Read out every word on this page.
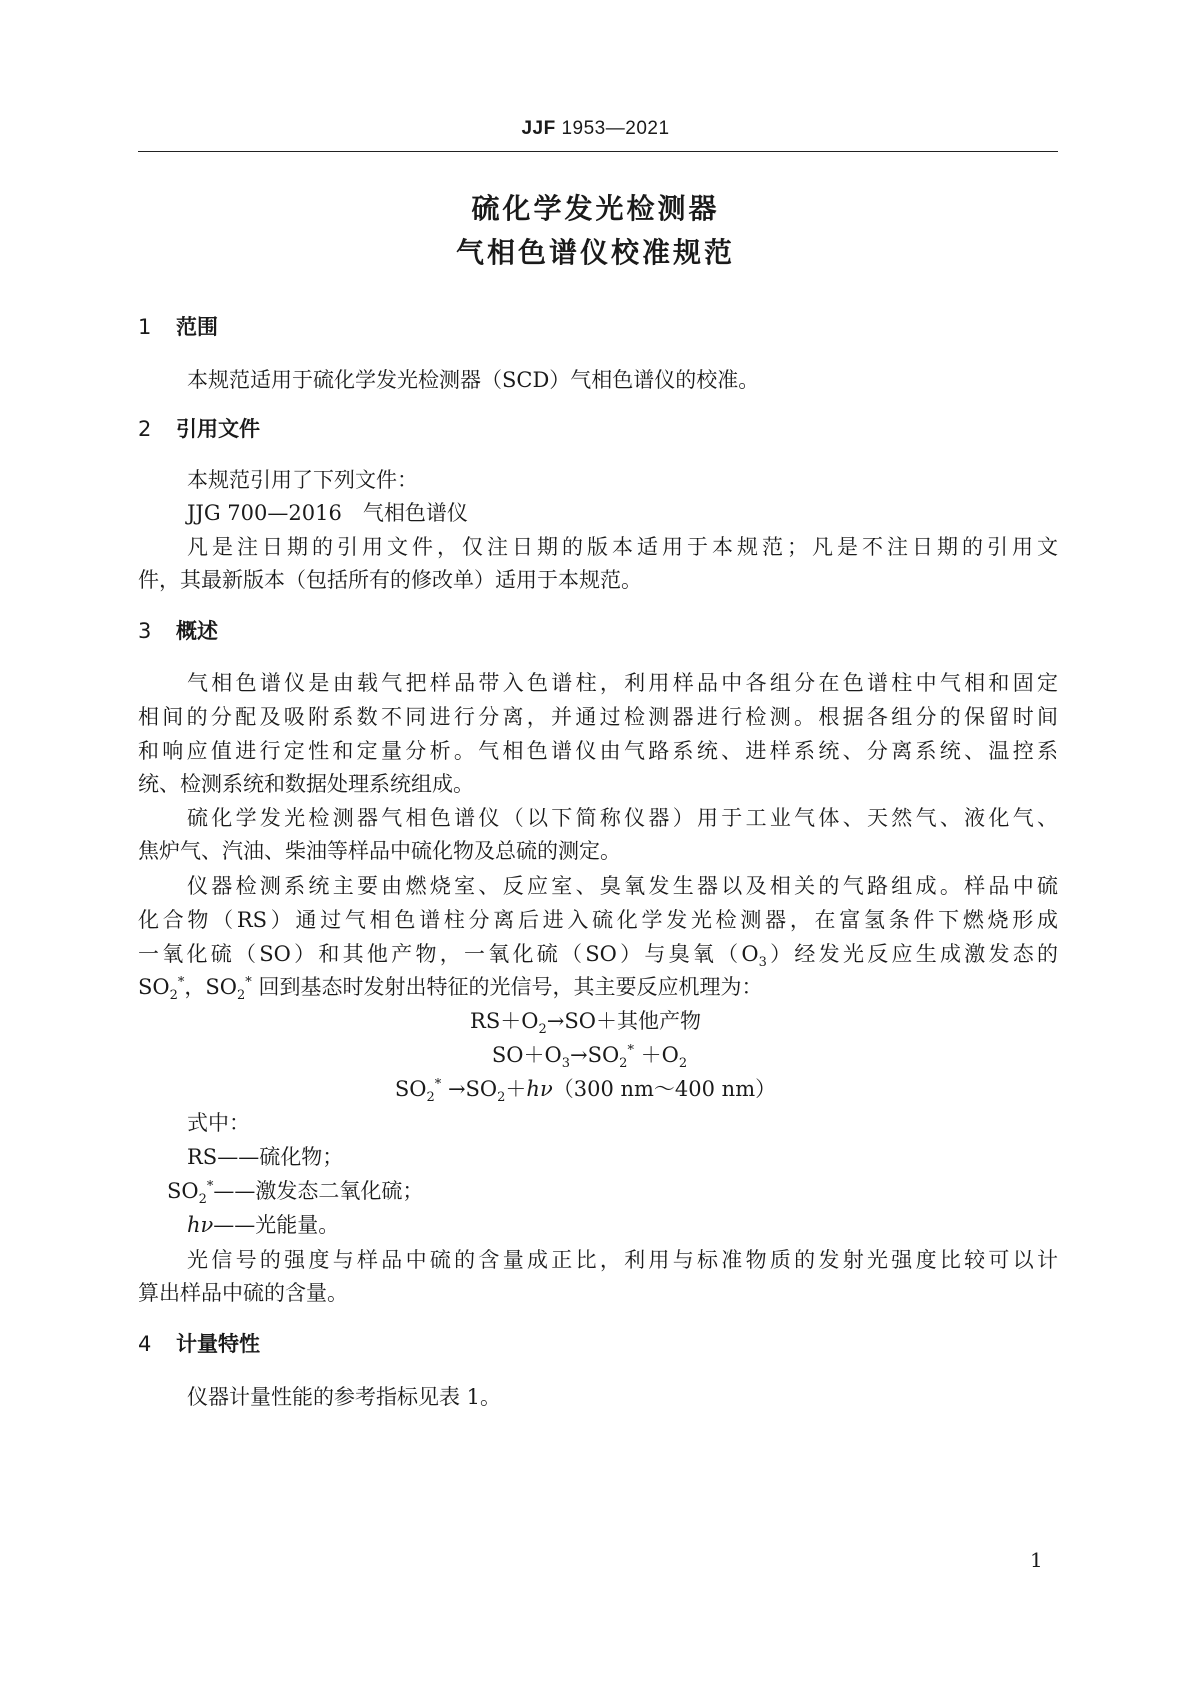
JJF 1953—2021
硫化学发光检测器
气相色谱仪校准规范
1 范围
本规范适用于硫化学发光检测器（SCD）气相色谱仪的校准。
2 引用文件
本规范引用了下列文件：
JJG 700—2016　气相色谱仪
凡是注日期的引用文件，仅注日期的版本适用于本规范；凡是不注日期的引用文
件，其最新版本（包括所有的修改单）适用于本规范。
3 概述
气相色谱仪是由载气把样品带入色谱柱，利用样品中各组分在色谱柱中气相和固定
相间的分配及吸附系数不同进行分离，并通过检测器进行检测。根据各组分的保留时间
和响应值进行定性和定量分析。气相色谱仪由气路系统、进样系统、分离系统、温控系
统、检测系统和数据处理系统组成。
硫化学发光检测器气相色谱仪（以下简称仪器）用于工业气体、天然气、液化气、
焦炉气、汽油、柴油等样品中硫化物及总硫的测定。
仪器检测系统主要由燃烧室、反应室、臭氧发生器以及相关的气路组成。样品中硫
化合物（RS）通过气相色谱柱分离后进入硫化学发光检测器，在富氢条件下燃烧形成
一氧化硫（SO）和其他产物，一氧化硫（SO）与臭氧$(O_3)$经发光反应生成激发态的
$SO_2^*$，$SO_2^*$ 回到基态时发射出特征的光信号，其主要反应机理为：
$RS+O_2\to SO+$其他产物
$SO+O_3\to SO_2^* +O_2$
$SO_2^* \to SO_2+h\nu(300$ nm～400 nm）
式中：
RS——硫化物；
$SO_2^*——$激发态二氧化硫；
hν——光能量。
光信号的强度与样品中硫的含量成正比，利用与标准物质的发射光强度比较可以计
算出样品中硫的含量。
4 计量特性
仪器计量性能的参考指标见表 1。
1
